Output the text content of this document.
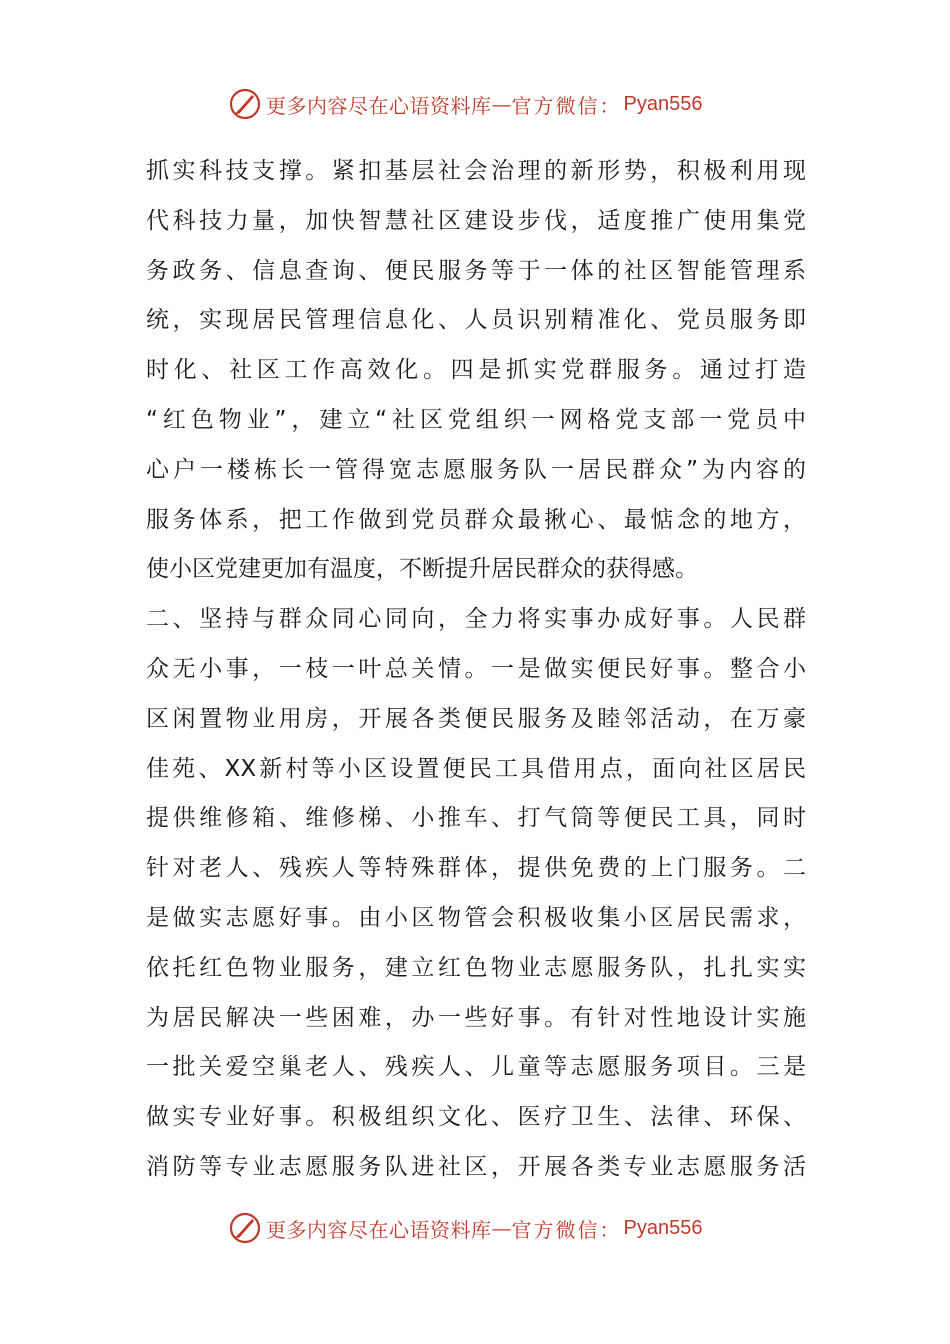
更多内容尽在心语资料库 — 官方微信： Pyan556
抓实科技支撑。紧扣基层社会治理的新形势，积极利用现
代科技力量，加快智慧社区建设步伐，适度推广使用集党
务政务、信息查询、便民服务等于一体的社区智能管理系
统，实现居民管理信息化、人员识别精准化、党员服务即
时化、社区工作高效化。四是抓实党群服务。通过打造
“红色物业”，建立“社区党组织一网格党支部一党员中
心户一楼栋长一管得宽志愿服务队一居民群众”为内容的
服务体系，把工作做到党员群众最揪心、最惦念的地方，
使小区党建更加有温度，不断提升居民群众的获得感。
二、坚持与群众同心同向，全力将实事办成好事。人民群
众无小事，一枝一叶总关情。一是做实便民好事。整合小
区闲置物业用房，开展各类便民服务及睦邻活动，在万豪
佳苑、XX新村等小区设置便民工具借用点，面向社区居民
提供维修箱、维修梯、小推车、打气筒等便民工具，同时
针对老人、残疾人等特殊群体，提供免费的上门服务。二
是做实志愿好事。由小区物管会积极收集小区居民需求，
依托红色物业服务，建立红色物业志愿服务队，扎扎实实
为居民解决一些困难，办一些好事。有针对性地设计实施
一批关爱空巢老人、残疾人、儿童等志愿服务项目。三是
做实专业好事。积极组织文化、医疗卫生、法律、环保、
消防等专业志愿服务队进社区，开展各类专业志愿服务活
更多内容尽在心语资料库 — 官方微信： Pyan556
